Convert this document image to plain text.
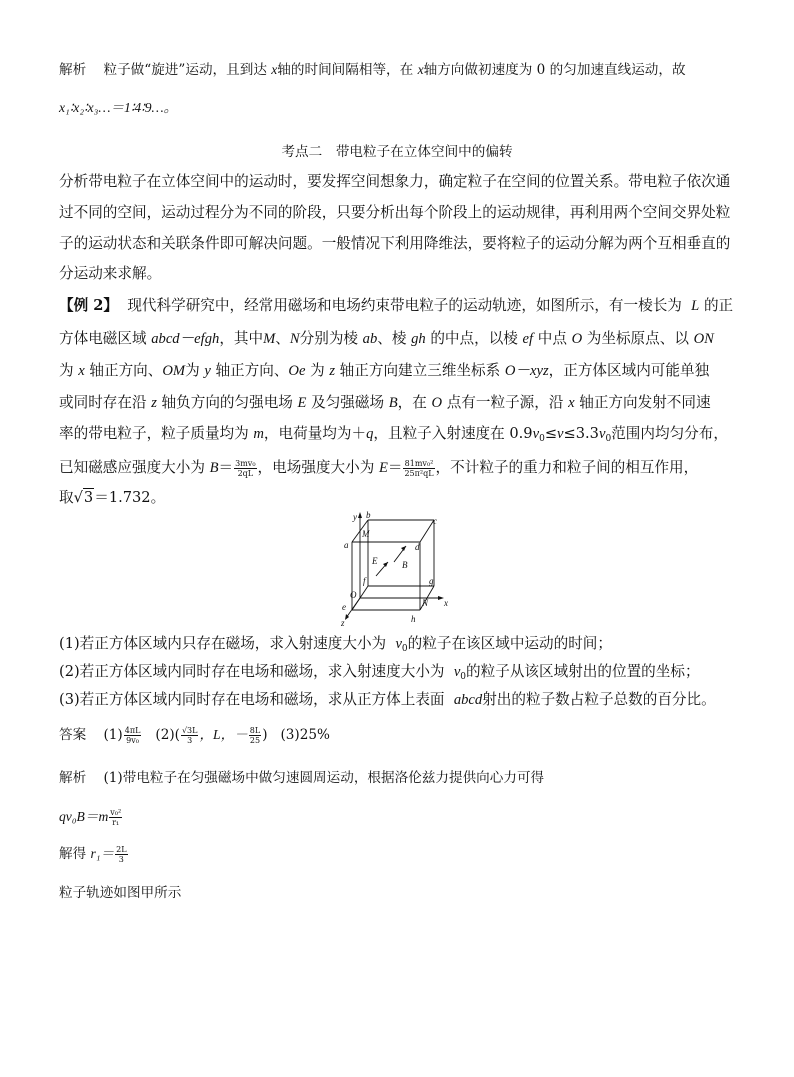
解析 粒子做“旋进”运动，且到达 x轴的时间间隔相等，在 x轴方向做初速度为 0 的匀加速直线运动，故
x₁∶x₂∶x₃…＝1∶4∶9…。
考点二　带电粒子在立体空间中的偏转
分析带电粒子在立体空间中的运动时，要发挥空间想象力，确定粒子在空间的位置关系。带电粒子依次通
过不同的空间，运动过程分为不同的阶段，只要分析出每个阶段上的运动规律，再利用两个空间交界处粒
子的运动状态和关联条件即可解决问题。一般情况下利用降维法，要将粒子的运动分解为两个互相垂直的
分运动来求解。
【例 2】 现代科学研究中，经常用磁场和电场约束带电粒子的运动轨迹，如图所示，有一棱长为 L 的正
方体电磁区域 abcd－efgh，其中M、N分别为棱 ab、棱 gh 的中点，以棱 ef 中点 O 为坐标原点、以 ON
为 x 轴正方向、OM为 y 轴正方向、Oe 为 z 轴正方向建立三维坐标系 O－xyz，正方体区域内可能单独
或同时存在沿 z 轴负方向的匀强电场 E 及匀强磁场 B，在 O 点有一粒子源，沿 x 轴正方向发射不同速
率的带电粒子，粒子质量均为 m，电荷量均为＋q，且粒子入射速度在 $0.9v_0\le v\le 3.3v_0$范围内均匀分布，
已知磁感应强度大小为 $B= \frac{\text{3mv₀}}{2qL}$ ，电场强度大小为 $E= \frac{\text{81mv₀²}}{\text{25π²qL}}$ ，不计粒子的重力和粒子间的相互作用，
取√3＝1.732。
y b
c
M
a
E	B
d
f
O
g
e	N x
h
z
(1)若正方体区域内只存在磁场，求入射速度大小为 $v_0$的粒子在该区域中运动的时间；
(2)若正方体区域内同时存在电场和磁场，求入射速度大小为 $v_0$的粒子从该区域射出的位置的坐标；
(3)若正方体区域内同时存在电场和磁场，求从正方体上表面 abcd射出的粒子数占粒子总数的百分比。
答案 $(1) \frac{4\pi L}{\text{9v₀}} (2)( \frac{√3L}{3}$ ，L，－ $\frac{8L}{25}$ ) (3)25%
解析 (1)带电粒子在匀强磁场中做匀速圆周运动，根据洛伦兹力提供向心力可得
$qv_0B=m \frac{\text{v₀²}}{\text{r₁}}$
解得 $r_1= \frac{2L}{3}$
粒子轨迹如图甲所示
